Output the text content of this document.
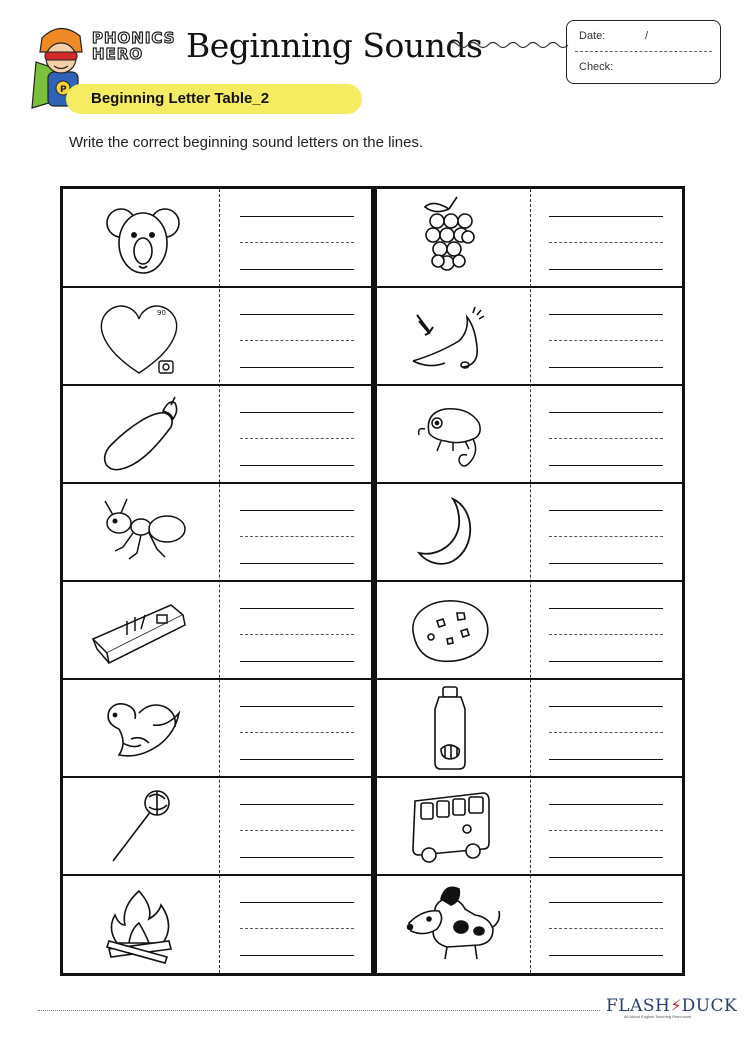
P
PHONICS
HERO	Beginning Sounds	Date:	/
Check:
Beginning Letter Table_2
Write the correct beginning sound letters on the lines.
90
FLASH⚡DUCK
All About English Teaching Resources
